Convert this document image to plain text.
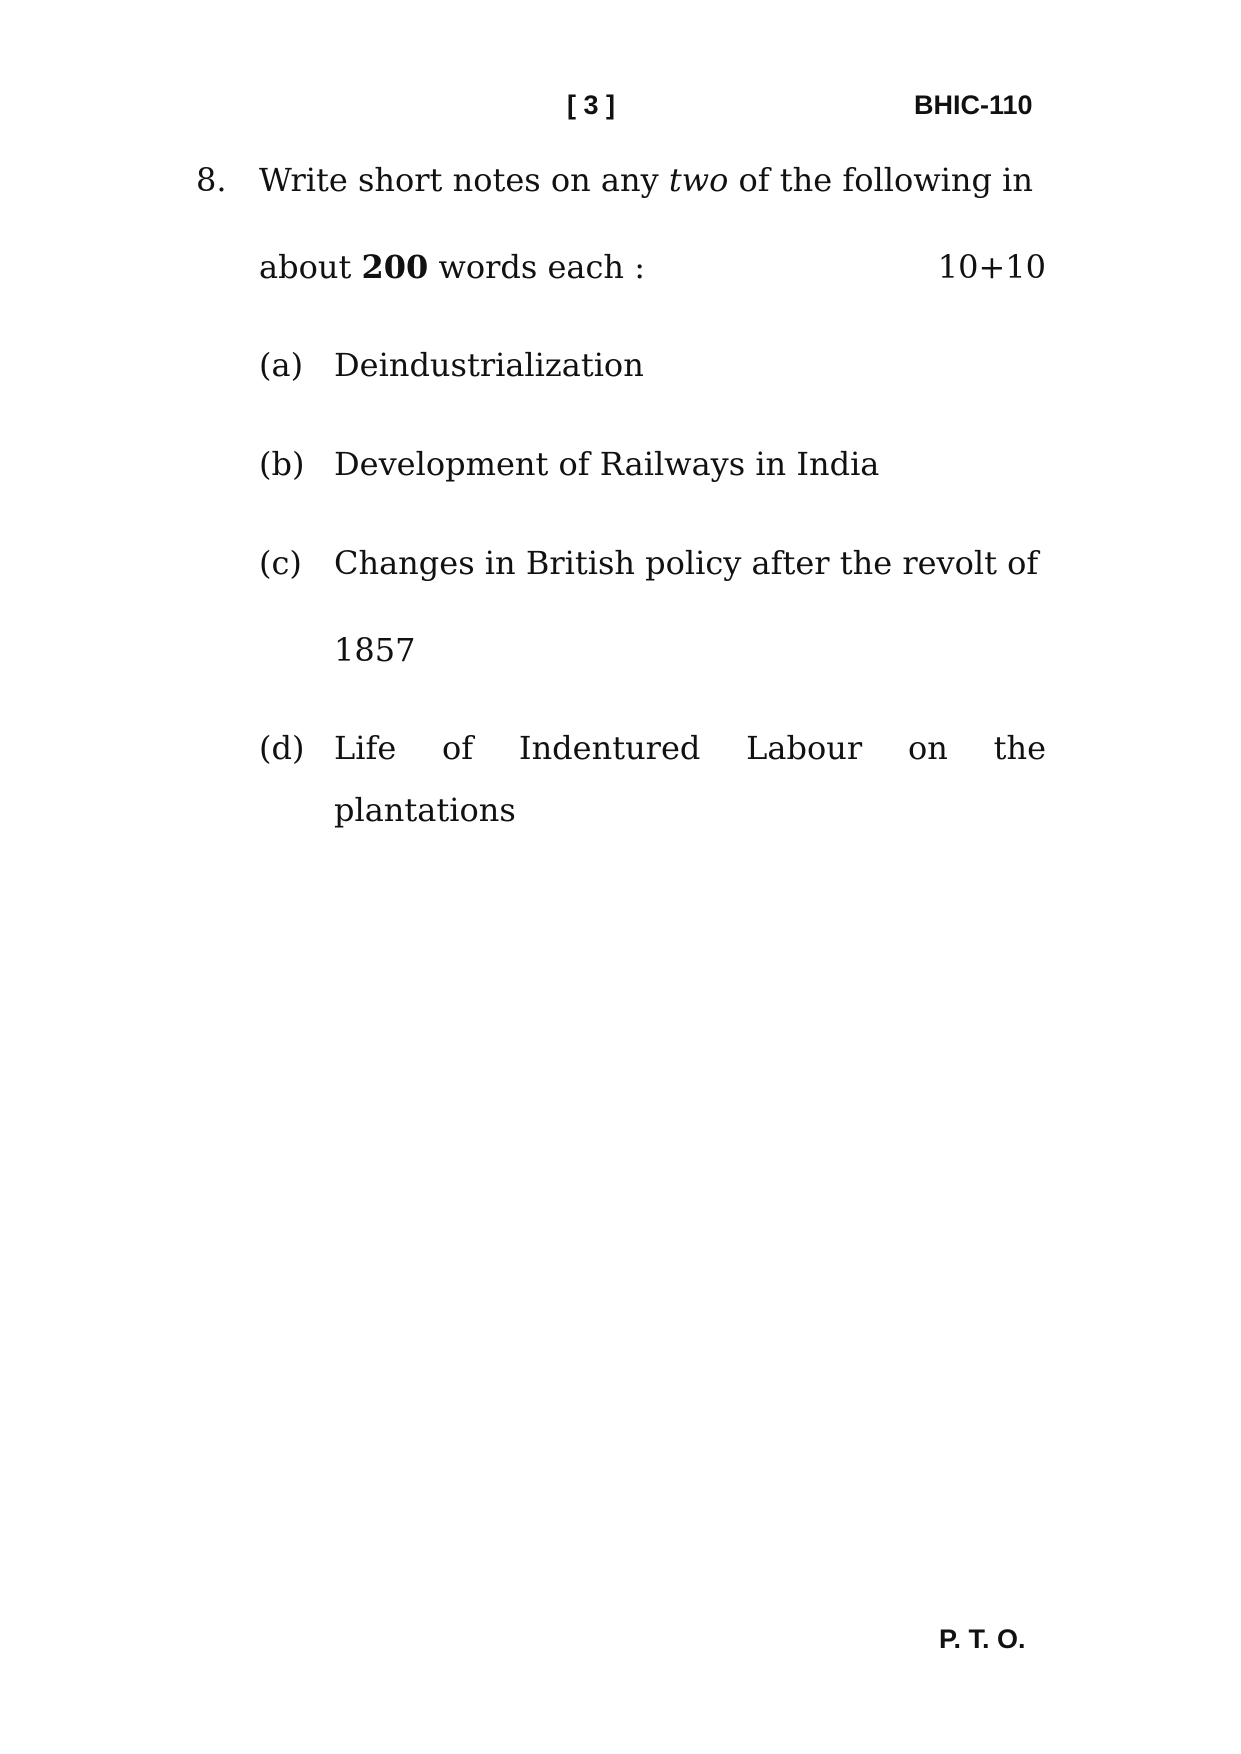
[ 3 ]	BHIC-110
8. Write short notes on any two of the following in
about 200 words each :	10+10
(a) Deindustrialization
(b) Development of Railways in India
(c) Changes in British policy after the revolt of
1857
(d) Life of Indentured Labour on the
plantations
P. T. O.
